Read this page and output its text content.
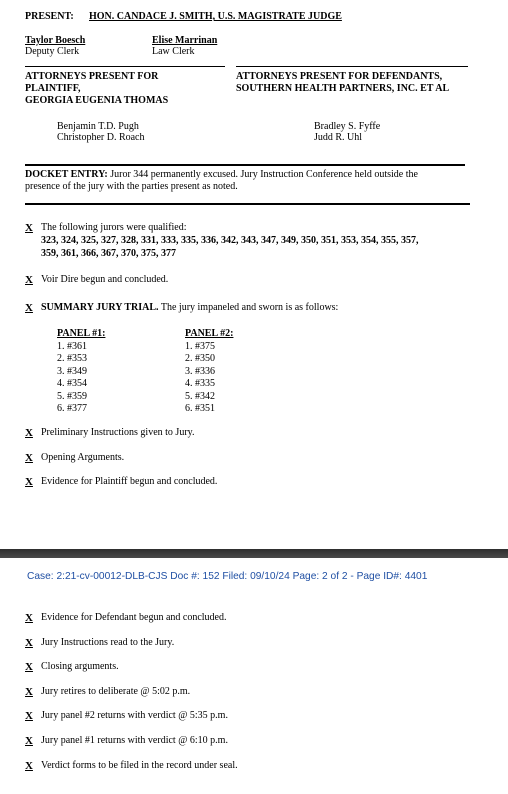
PRESENT: HON. CANDACE J. SMITH, U.S. MAGISTRATE JUDGE
Taylor Boesch
Deputy Clerk
Elise Marrinan
Law Clerk
ATTORNEYS PRESENT FOR
PLAINTIFF,
GEORGIA EUGENIA THOMAS
Benjamin T.D. Pugh
Christopher D. Roach
ATTORNEYS PRESENT FOR DEFENDANTS,
SOUTHERN HEALTH PARTNERS, INC. ET AL
Bradley S. Fyffe
Judd R. Uhl
DOCKET ENTRY: Juror 344 permanently excused. Jury Instruction Conference held outside the
presence of the jury with the parties present as noted.
X The following jurors were qualified:
323, 324, 325, 327, 328, 331, 333, 335, 336, 342, 343, 347, 349, 350, 351, 353, 354, 355, 357,
359, 361, 366, 367, 370, 375, 377
X Voir Dire begun and concluded.
X SUMMARY JURY TRIAL. The jury impaneled and sworn is as follows:
PANEL #1:
1. #361
2. #353
3. #349
4. #354
5. #359
6. #377
PANEL #2:
1. #375
2. #350
3. #336
4. #335
5. #342
6. #351
X Preliminary Instructions given to Jury.
X Opening Arguments.
X Evidence for Plaintiff begun and concluded.
Case: 2:21-cv-00012-DLB-CJS Doc #: 152 Filed: 09/10/24 Page: 2 of 2 - Page ID#: 4401
X Evidence for Defendant begun and concluded.
X Jury Instructions read to the Jury.
X Closing arguments.
X Jury retires to deliberate @ 5:02 p.m.
X Jury panel #2 returns with verdict @ 5:35 p.m.
X Jury panel #1 returns with verdict @ 6:10 p.m.
X Verdict forms to be filed in the record under seal.
